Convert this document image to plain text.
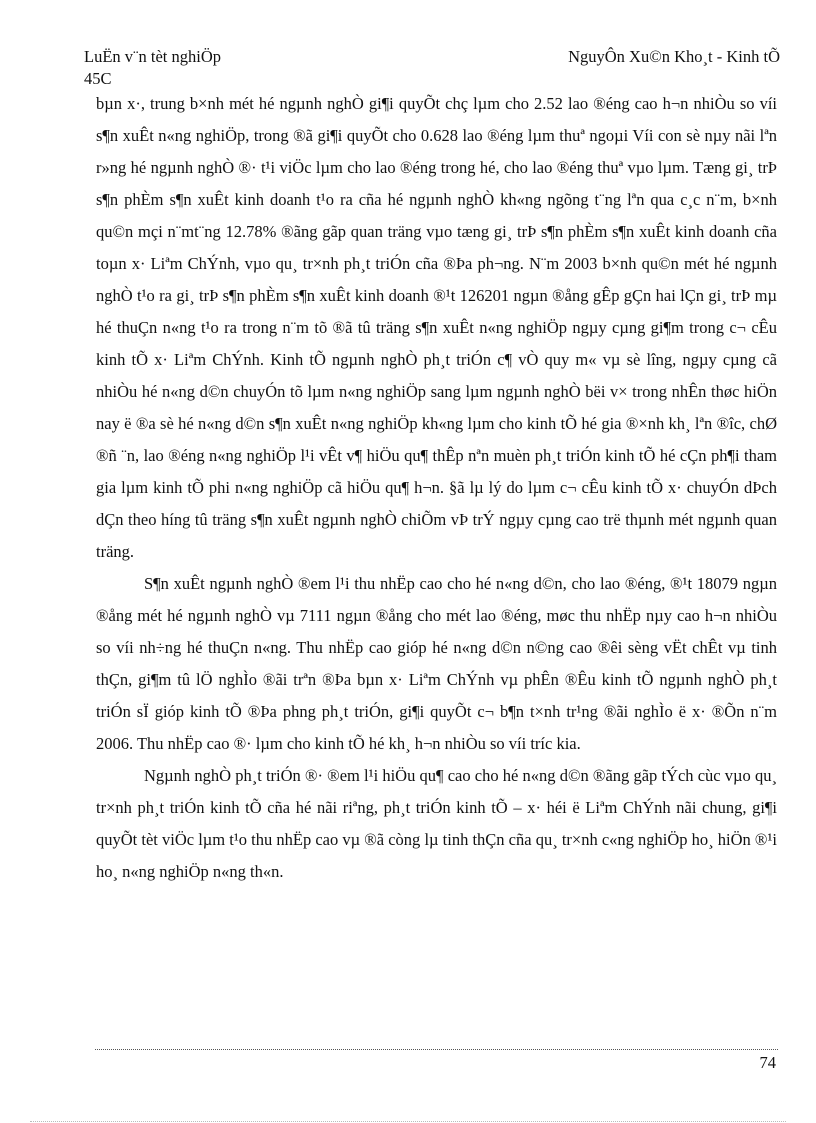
LuËn v¨n tèt nghiÖp	NguyÔn Xu©n Kho¸t - Kinh tÕ
45C

bµn x·, trung b×nh mét hé ngµnh nghÒ gi¶i quyÕt chç lµm cho 2.52 lao ®éng cao h¬n nhiÒu so víi s¶n xuÊt n«ng nghiÖp, trong ®ã gi¶i quyÕt cho 0.628 lao ®éng lµm thuª ngoµi Víi con sè nµy nãi lªn r»ng hé ngµnh nghÒ ®· t¹i viÖc lµm cho lao ®éng trong hé, cho lao ®éng thuª vµo lµm. Tæng gi¸ trÞ s¶n phÈm s¶n xuÊt kinh doanh t¹o ra cña hé ngµnh nghÒ kh«ng ngõng t¨ng lªn qua c¸c n¨m, b×nh qu©n mçi n¨mt¨ng 12.78% ®ãng gãp quan träng vµo tæng gi¸ trÞ s¶n phÈm s¶n xuÊt kinh doanh cña toµn x· Liªm ChÝnh, vµo qu¸ tr×nh ph¸t triÓn cña ®Þa ph¬ng. N¨m 2003 b×nh qu©n mét hé ngµnh nghÒ t¹o ra gi¸ trÞ s¶n phÈm s¶n xuÊt kinh doanh ®¹t 126201 ngµn ®ång gÊp gÇn hai lÇn gi¸ trÞ mµ hé thuÇn n«ng t¹o ra trong n¨m tõ ®ã tû träng s¶n xuÊt n«ng nghiÖp ngµy cµng gi¶m trong c¬ cÊu kinh tÕ x· Liªm ChÝnh. Kinh tÕ ngµnh nghÒ ph¸t triÓn c¶ vÒ quy m« vµ sè lîng, ngµy cµng cã nhiÒu hé n«ng d©n chuyÓn tõ lµm n«ng nghiÖp sang lµm ngµnh nghÒ bëi v× trong nhÊn thøc hiÖn nay ë ®a sè hé n«ng d©n s¶n xuÊt n«ng nghiÖp kh«ng lµm cho kinh tÕ hé gia ®×nh kh¸ lªn ®îc, chØ ®ñ ¨n, lao ®éng n«ng nghiÖp l¹i vÊt v¶ hiÖu qu¶ thÊp nªn muèn ph¸t triÓn kinh tÕ hé cÇn ph¶i tham gia lµm kinh tÕ phi n«ng nghiÖp cã hiÖu qu¶ h¬n. §ã lµ lý do lµm c¬ cÊu kinh tÕ x· chuyÓn dÞch dÇn theo híng tû träng s¶n xuÊt ngµnh nghÒ chiÕm vÞ trÝ ngµy cµng cao trë thµnh mét ngµnh quan träng.

S¶n xuÊt ngµnh nghÒ ®em l¹i thu nhËp cao cho hé n«ng d©n, cho lao ®éng, ®¹t 18079 ngµn ®ång mét hé ngµnh nghÒ vµ 7111 ngµn ®ång cho mét lao ®éng, møc thu nhËp nµy cao h¬n nhiÒu so víi nh÷ng hé thuÇn n«ng. Thu nhËp cao gióp hé n«ng d©n n©ng cao ®êi sèng vËt chÊt vµ tinh thÇn, gi¶m tû lÖ nghÌo ®ãi trªn ®Þa bµn x· Liªm ChÝnh vµ phÊn ®Êu kinh tÕ ngµnh nghÒ ph¸t triÓn sÏ gióp kinh tÕ ®Þa phng ph¸t triÓn, gi¶i quyÕt c¬ b¶n t×nh tr¹ng ®ãi nghÌo ë x· ®Õn n¨m 2006. Thu nhËp cao ®· lµm cho kinh tÕ hé kh¸ h¬n nhiÒu so víi tríc kia.

Ngµnh nghÒ ph¸t triÓn ®· ®em l¹i hiÖu qu¶ cao cho hé n«ng d©n ®ãng gãp tÝch cùc vµo qu¸ tr×nh ph¸t triÓn kinh tÕ cña hé nãi riªng, ph¸t triÓn kinh tÕ – x· héi ë Liªm ChÝnh nãi chung, gi¶i quyÕt tèt viÖc lµm t¹o thu nhËp cao vµ ®ã còng lµ tinh thÇn cña qu¸ tr×nh c«ng nghiÖp ho¸ hiÖn ®¹i ho¸ n«ng nghiÖp n«ng th«n.

74
